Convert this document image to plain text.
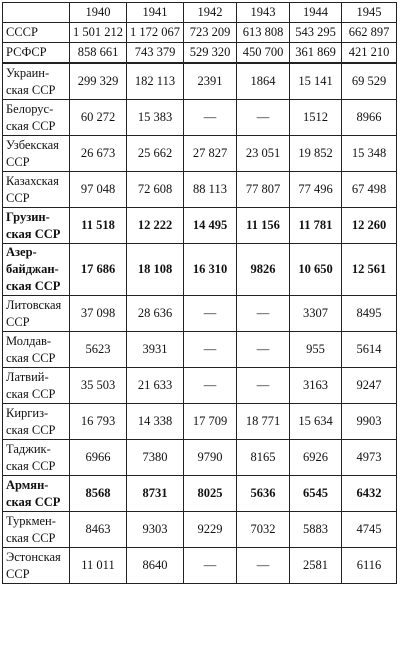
	1940	1941	1942	1943	1944	1945
СССР	1 501 212	1 172 067	723 209	613 808	543 295	662 897
РСФСР	858 661	743 379	529 320	450 700	361 869	421 210
Украин-
ская ССР	299 329	182 113	2391	1864	15 141	69 529
Белорус-
ская ССР	60 272	15 383	—	—	1512	8966
Узбекская
ССР	26 673	25 662	27 827	23 051	19 852	15 348
Казахская
ССР	97 048	72 608	88 113	77 807	77 496	67 498
Грузин-
ская ССР	11 518	12 222	14 495	11 156	11 781	12 260
Азер-
байджан-
ская ССР	17 686	18 108	16 310	9826	10 650	12 561
Литовская
ССР	37 098	28 636	—	—	3307	8495
Молдав-
ская ССР	5623	3931	—	—	955	5614
Латвий-
ская ССР	35 503	21 633	—	—	3163	9247
Киргиз-
ская ССР	16 793	14 338	17 709	18 771	15 634	9903
Таджик-
ская ССР	6966	7380	9790	8165	6926	4973
Армян-
ская ССР	8568	8731	8025	5636	6545	6432
Туркмен-
ская ССР	8463	9303	9229	7032	5883	4745
Эстонская
ССР	11 011	8640	—	—	2581	6116
